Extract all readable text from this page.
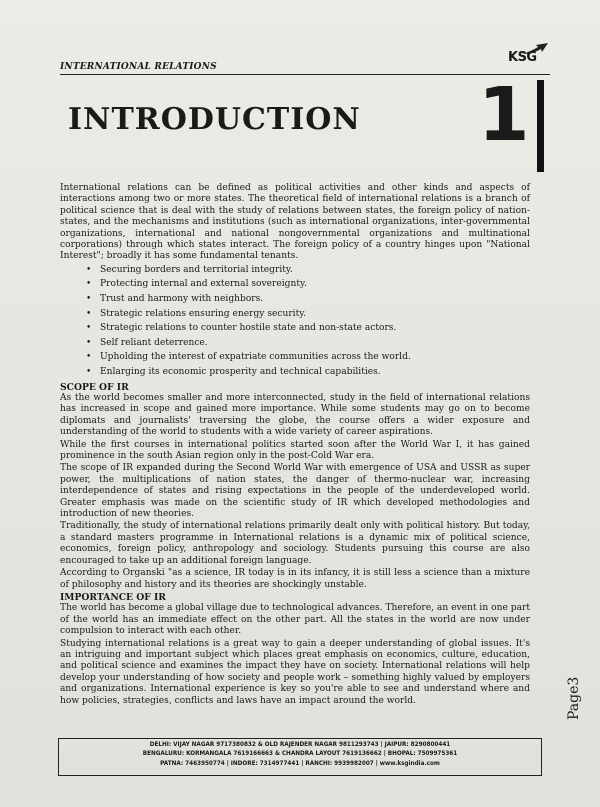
INTERNATIONAL RELATIONS
KSG
INTRODUCTION 1

International relations can be defined as political activities and other kinds and aspects of interactions among two or more states. The theoretical field of international relations is a branch of political science that is deal with the study of relations between states, the foreign policy of nation-states, and the mechanisms and institutions (such as international organizations, inter-governmental organizations, international and national nongovernmental organizations and multinational corporations) through which states interact. The foreign policy of a country hinges upon "National Interest"; broadly it has some fundamental tenants.

• Securing borders and territorial integrity.
• Protecting internal and external sovereignty.
• Trust and harmony with neighbors.
• Strategic relations ensuring energy security.
• Strategic relations to counter hostile state and non-state actors.
• Self reliant deterrence.
• Upholding the interest of expatriate communities across the world.
• Enlarging its economic prosperity and technical capabilities.
SCOPE OF IR

As the world becomes smaller and more interconnected, study in the field of international relations has increased in scope and gained more importance. While some students may go on to become diplomats and journalists' traversing the globe, the course offers a wider exposure and understanding of the world to students with a wide variety of career aspirations.

While the first courses in international politics started soon after the World War I, it has gained prominence in the south Asian region only in the post-Cold War era.

The scope of IR expanded during the Second World War with emergence of USA and USSR as super power, the multiplications of nation states, the danger of thermo-nuclear war, increasing interdependence of states and rising expectations in the people of the underdeveloped world. Greater emphasis was made on the scientific study of IR which developed methodologies and introduction of new theories.

Traditionally, the study of international relations primarily dealt only with political history. But today, a standard masters programme in International relations is a dynamic mix of political science, economics, foreign policy, anthropology and sociology. Students pursuing this course are also encouraged to take up an additional foreign language.

According to Organski "as a science, IR today is in its infancy, it is still less a science than a mixture of philosophy and history and its theories are shockingly unstable.

IMPORTANCE OF IR

The world has become a global village due to technological advances. Therefore, an event in one part of the world has an immediate effect on the other part. All the states in the world are now under compulsion to interact with each other.

Studying international relations is a great way to gain a deeper understanding of global issues. It's an intriguing and important subject which places great emphasis on economics, culture, education, and political science and examines the impact they have on society. International relations will help develop your understanding of how society and people work – something highly valued by employers and organizations. International experience is key so you're able to see and understand where and how policies, strategies, conflicts and laws have an impact around the world.	Page3
DELHI: VIJAY NAGAR 9717380832 & OLD RAJENDER NAGAR 9811293743 | JAIPUR: 8290800441
BENGALURU: KORMANGALA 7619166663 & CHANDRA LAYOUT 7619136662 | BHOPAL: 7509975361
PATNA: 7463950774 | INDORE: 7314977441 | RANCHI: 9939982007 | www.ksgindia.com
